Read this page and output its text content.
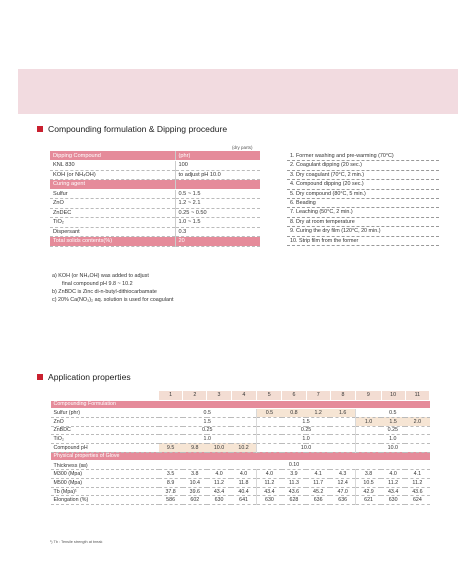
Compounding formulation & Dipping procedure
(dry parts)
Dipping Compound	(phr)
KNL 830	100
KOH (or NH₄OH)	to adjust pH 10.0
Curing agent	
Sulfur	0.5 ~ 1.5
ZnO	1.2 ~ 2.1
ZnDEC	0.25 ~ 0.50
TiO₂	1.0 ~ 1.5
Dispersant	0.3
Total solids contents(%)	20
a) KOH (or NH₄OH) was added to adjust
final compound pH 9.8 ~ 10.2
b) ZnBDC is Zinc di-n-butyl-dithiocarbamate
c) 20% Ca(NO₃)₂ aq. solution is used for coagulant
1. Former washing and pre-warming (70°C)
2. Coagulant dipping (20 sec.)
3. Dry coagulant (70°C, 2 min.)
4. Compound dipping (20 sec.)
5. Dry compound (80°C, 5 min.)
6. Beading
7. Leaching (50°C, 2 min.)
8. Dry at room temperature
9. Curing the dry film (120°C, 20 min.)
10. Strip film from the former
Application properties
	1	2	3	4	5	6	7	8	9	10	11
Compounding Formulation											
Sulfur (phr)	0.5				0.5	0.8	1.2	1.6	0.5		
ZnO	1.5				1.5				1.0	1.5	2.0
ZnBDC	0.25				0.25				0.25		
TiO₂	1.0				1.0				1.0		
Compound pH	9.5	9.8	10.0	10.2	10.0				10.0		
Physical properties of Glove											
Thickness (㎜)	0.10										
M300 (Mpa)	3.5	3.8	4.0	4.0	4.0	3.9	4.1	4.3	3.8	4.0	4.1
M500 (Mpa)	8.9	10.4	11.2	11.8	11.2	11.3	11.7	12.4	10.5	11.2	11.2
Tb (Mpa)¹	37.8	39.6	43.4	40.4	43.4	43.6	45.2	47.0	42.9	43.4	43.6
Elongation (%)	586	602	630	641	630	628	636	636	621	630	624
¹) Tb : Tensile strength at break
